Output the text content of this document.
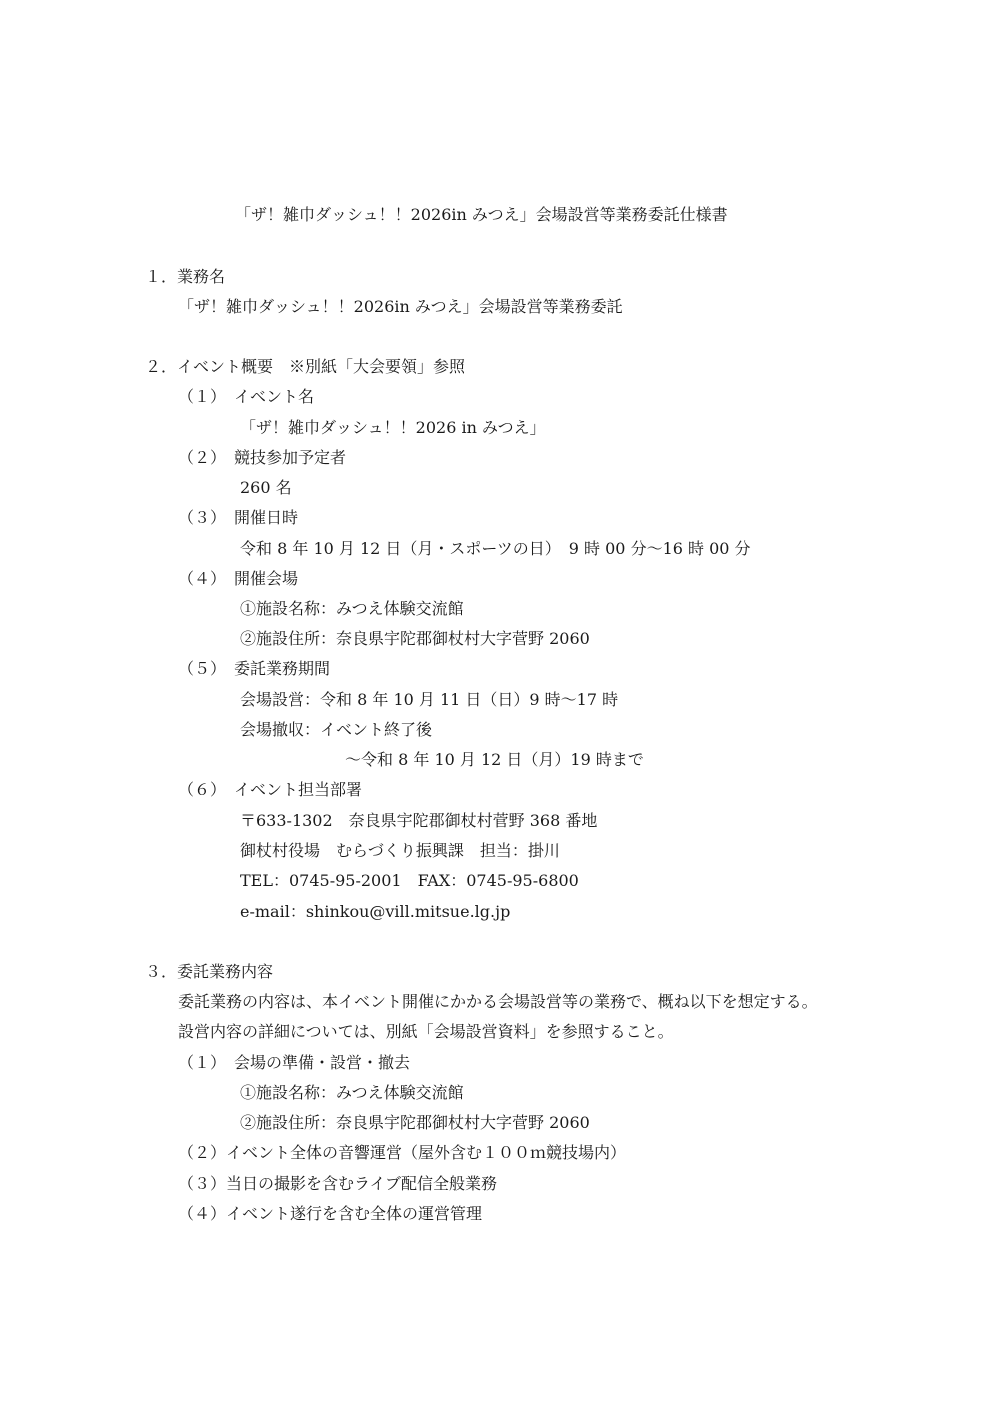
「ザ！雑巾ダッシュ！！2026in みつえ」会場設営等業務委託仕様書
１．業務名
「ザ！雑巾ダッシュ！！2026in みつえ」会場設営等業務委託
２．イベント概要　※別紙「大会要領」参照
（１）　イベント名
「ザ！雑巾ダッシュ！！2026 in みつえ」
（２）　競技参加予定者
260 名
（３）　開催日時
令和 8 年 10 月 12 日（月・スポーツの日）　9 時 00 分〜16 時 00 分
（４）　開催会場
①施設名称：みつえ体験交流館
②施設住所：奈良県宇陀郡御杖村大字菅野 2060
（５）　委託業務期間
会場設営：令和 8 年 10 月 11 日（日）9 時〜17 時
会場撤収：イベント終了後
〜令和 8 年 10 月 12 日（月）19 時まで
（６）　イベント担当部署
〒633-1302　奈良県宇陀郡御杖村菅野 368 番地
御杖村役場　むらづくり振興課　担当：掛川
TEL：0745-95-2001　FAX：0745-95-6800
e-mail：shinkou@vill.mitsue.lg.jp
３．委託業務内容
委託業務の内容は、本イベント開催にかかる会場設営等の業務で、概ね以下を想定する。
設営内容の詳細については、別紙「会場設営資料」を参照すること。
（１）　会場の準備・設営・撤去
①施設名称：みつえ体験交流館
②施設住所：奈良県宇陀郡御杖村大字菅野 2060
（２）イベント全体の音響運営（屋外含む１００ｍ競技場内）
（３）当日の撮影を含むライブ配信全般業務
（４）イベント遂行を含む全体の運営管理
